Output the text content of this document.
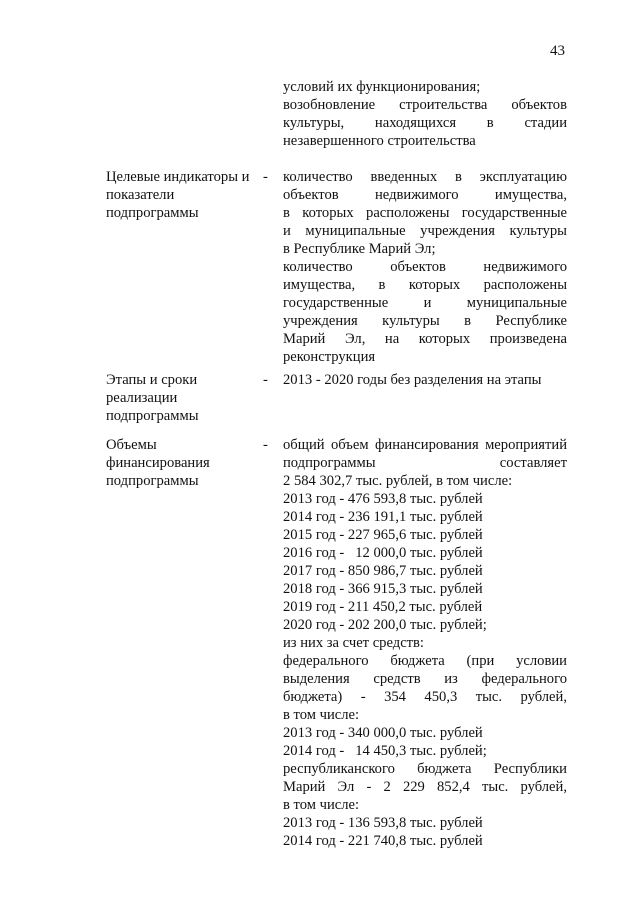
43
условий их функционирования;
возобновление строительства объектов
культуры, находящихся в стадии
незавершенного строительства
Целевые индикаторы и
показатели
подпрограммы
- количество введенных в эксплуатацию
объектов недвижимого имущества,
в которых расположены государственные
и муниципальные учреждения культуры
в Республике Марий Эл;
количество объектов недвижимого
имущества, в которых расположены
государственные и муниципальные
учреждения культуры в Республике
Марий Эл, на которых произведена
реконструкция
Этапы и сроки
реализации
подпрограммы
- 2013 - 2020 годы без разделения на этапы
Объемы
финансирования
подпрограммы
- общий объем финансирования мероприятий
подпрограммы составляет
2 584 302,7 тыс. рублей, в том числе:
2013 год - 476 593,8 тыс. рублей
2014 год - 236 191,1 тыс. рублей
2015 год - 227 965,6 тыс. рублей
2016 год -   12 000,0 тыс. рублей
2017 год - 850 986,7 тыс. рублей
2018 год - 366 915,3 тыс. рублей
2019 год - 211 450,2 тыс. рублей
2020 год - 202 200,0 тыс. рублей;
из них за счет средств:
федерального бюджета (при условии
выделения средств из федерального
бюджета) - 354 450,3 тыс. рублей,
в том числе:
2013 год - 340 000,0 тыс. рублей
2014 год -   14 450,3 тыс. рублей;
республиканского бюджета Республики
Марий Эл - 2 229 852,4 тыс. рублей,
в том числе:
2013 год - 136 593,8 тыс. рублей
2014 год - 221 740,8 тыс. рублей
